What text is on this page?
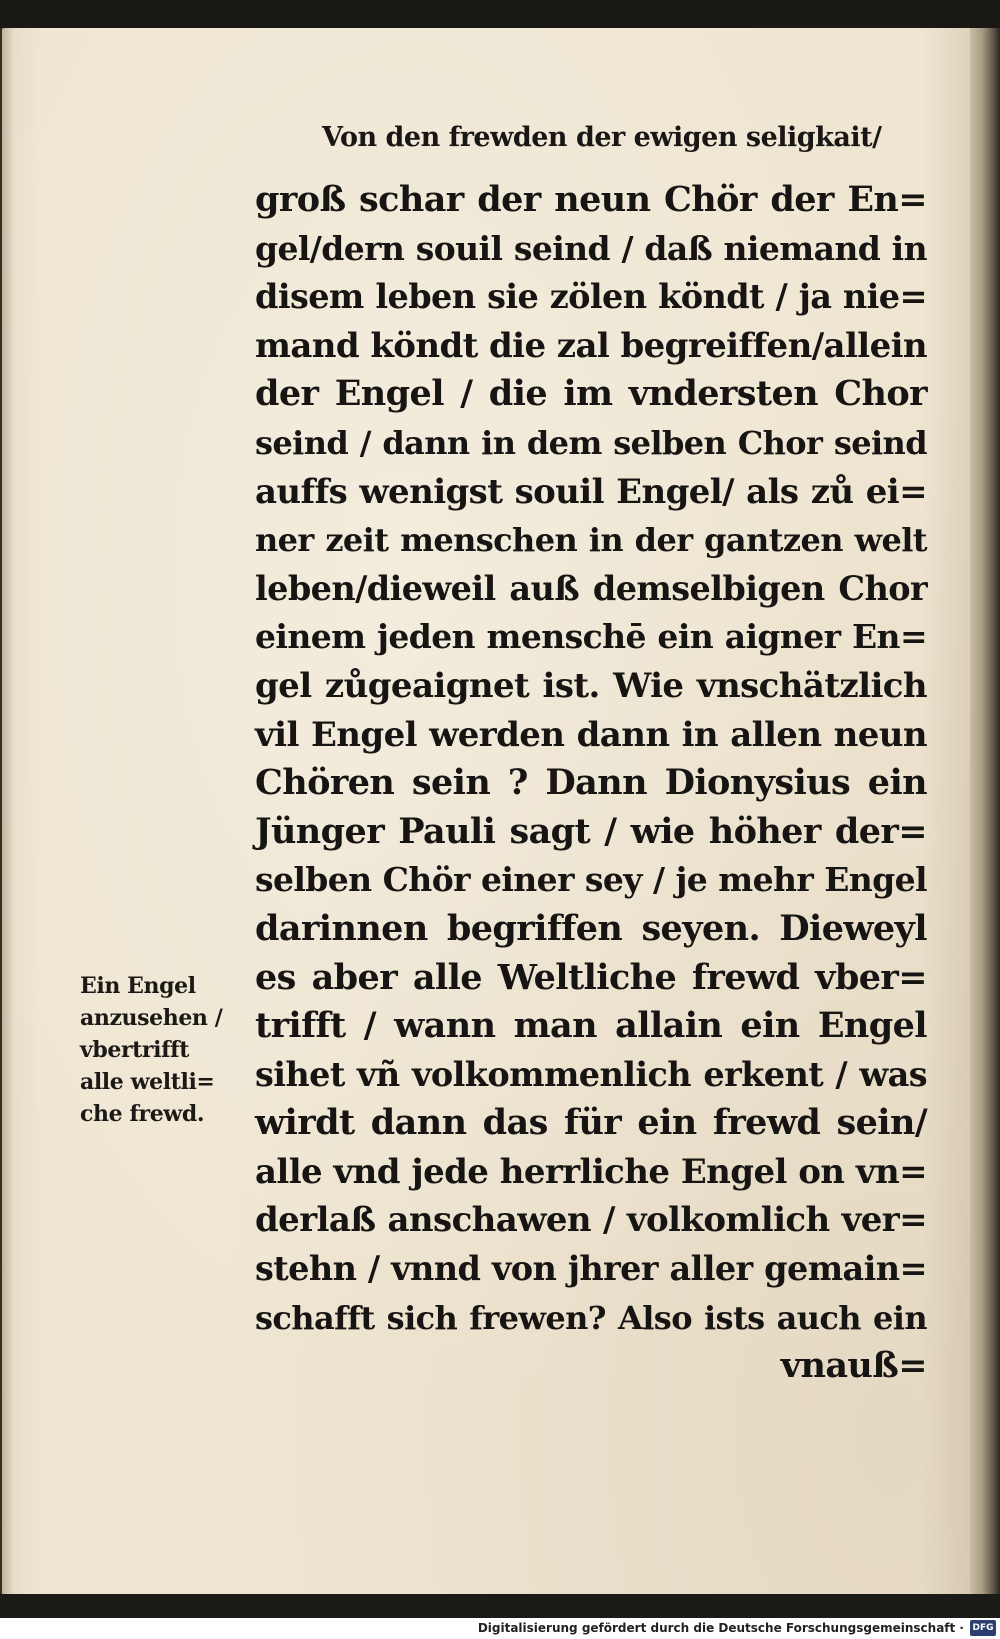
Von den frewden der ewigen seligkait/
groß schar der neun Chör der En=
gel/dern souil seind / daß niemand in
disem leben sie zölen köndt / ja nie=
mand köndt die zal begreiffen/allein
der Engel / die im vndersten Chor
seind / dann in dem selben Chor seind
auffs wenigst souil Engel/ als zů ei=
ner zeit menschen in der gantzen welt
leben/dieweil auß demselbigen Chor
einem jeden menschē ein aigner En=
gel zůgeaignet ist. Wie vnschätzlich
vil Engel werden dann in allen neun
Chören sein ? Dann Dionysius ein
Jünger Pauli sagt / wie höher der=
selben Chör einer sey / je mehr Engel
darinnen begriffen seyen. Dieweyl
es aber alle Weltliche frewd vber=
trifft / wann man allain ein Engel
sihet vñ volkommenlich erkent / was
wirdt dann das für ein frewd sein/
alle vnd jede herrliche Engel on vn=
derlaß anschawen / volkomlich ver=
stehn / vnnd von jhrer aller gemain=
schafft sich frewen? Also ists auch ein
vnauß=
Ein Engel
anzusehen /
vbertrifft
alle weltli=
che frewd.
Digitalisierung gefördert durch die Deutsche Forschungsgemeinschaft · DFG
